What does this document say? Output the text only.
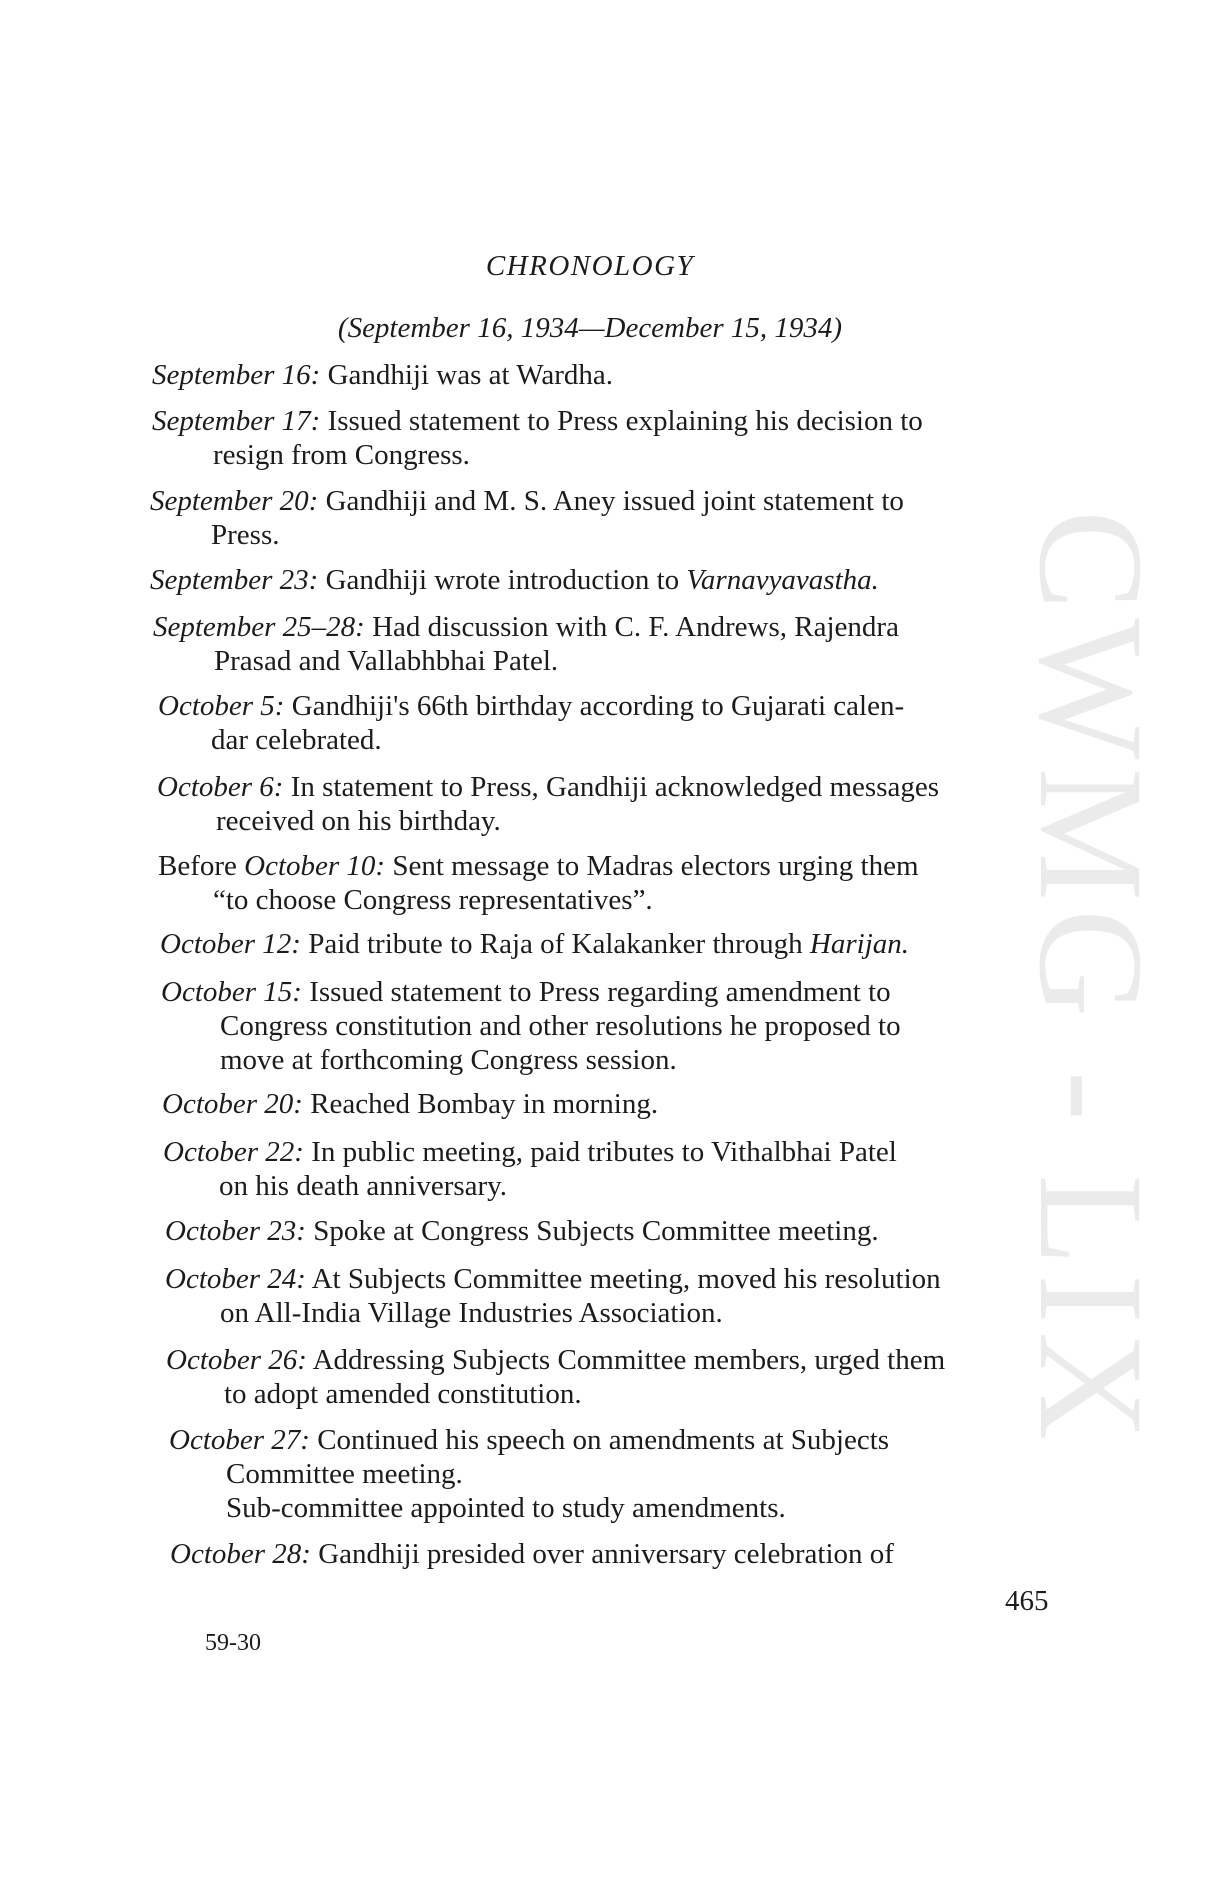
CWMG - LIX
CHRONOLOGY
(September 16, 1934—December 15, 1934)
September 16: Gandhiji was at Wardha.
September 17: Issued statement to Press explaining his decision to
resign from Congress.
September 20: Gandhiji and M. S. Aney issued joint statement to
Press.
September 23: Gandhiji wrote introduction to Varnavyavastha.
September 25–28: Had discussion with C. F. Andrews, Rajendra
Prasad and Vallabhbhai Patel.
October 5: Gandhiji's 66th birthday according to Gujarati calen-
dar celebrated.
October 6: In statement to Press, Gandhiji acknowledged messages
received on his birthday.
Before October 10: Sent message to Madras electors urging them
“to choose Congress representatives”.
October 12: Paid tribute to Raja of Kalakanker through Harijan.
October 15: Issued statement to Press regarding amendment to
Congress constitution and other resolutions he proposed to
move at forthcoming Congress session.
October 20: Reached Bombay in morning.
October 22: In public meeting, paid tributes to Vithalbhai Patel
on his death anniversary.
October 23: Spoke at Congress Subjects Committee meeting.
October 24: At Subjects Committee meeting, moved his resolution
on All-India Village Industries Association.
October 26: Addressing Subjects Committee members, urged them
to adopt amended constitution.
October 27: Continued his speech on amendments at Subjects
Committee meeting.
Sub-committee appointed to study amendments.
October 28: Gandhiji presided over anniversary celebration of
465
59-30
